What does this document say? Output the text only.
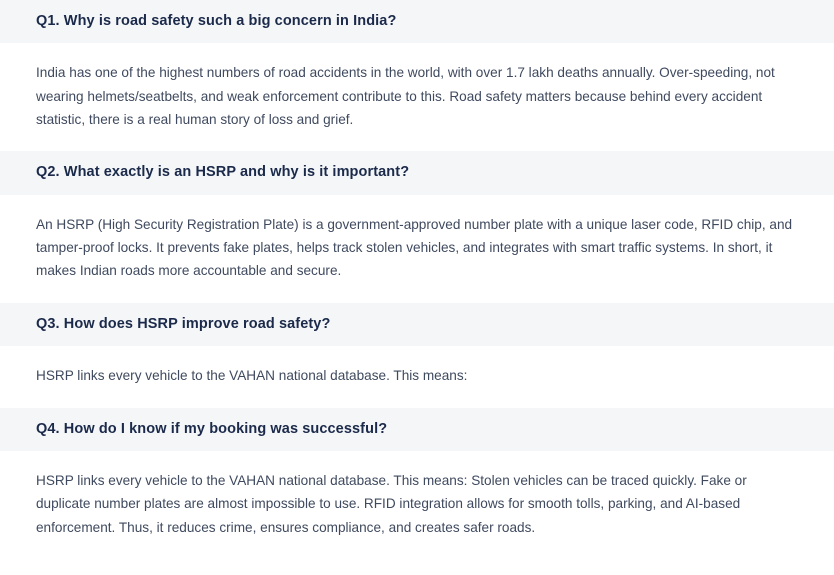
Q1. Why is road safety such a big concern in India?

India has one of the highest numbers of road accidents in the world, with over 1.7 lakh deaths annually. Over-speeding, not wearing helmets/seatbelts, and weak enforcement contribute to this. Road safety matters because behind every accident statistic, there is a real human story of loss and grief.

Q2. What exactly is an HSRP and why is it important?

An HSRP (High Security Registration Plate) is a government-approved number plate with a unique laser code, RFID chip, and tamper-proof locks. It prevents fake plates, helps track stolen vehicles, and integrates with smart traffic systems. In short, it makes Indian roads more accountable and secure.

Q3. How does HSRP improve road safety?

HSRP links every vehicle to the VAHAN national database. This means:

Q4. How do I know if my booking was successful?

HSRP links every vehicle to the VAHAN national database. This means: Stolen vehicles can be traced quickly. Fake or duplicate number plates are almost impossible to use. RFID integration allows for smooth tolls, parking, and AI-based enforcement. Thus, it reduces crime, ensures compliance, and creates safer roads.
